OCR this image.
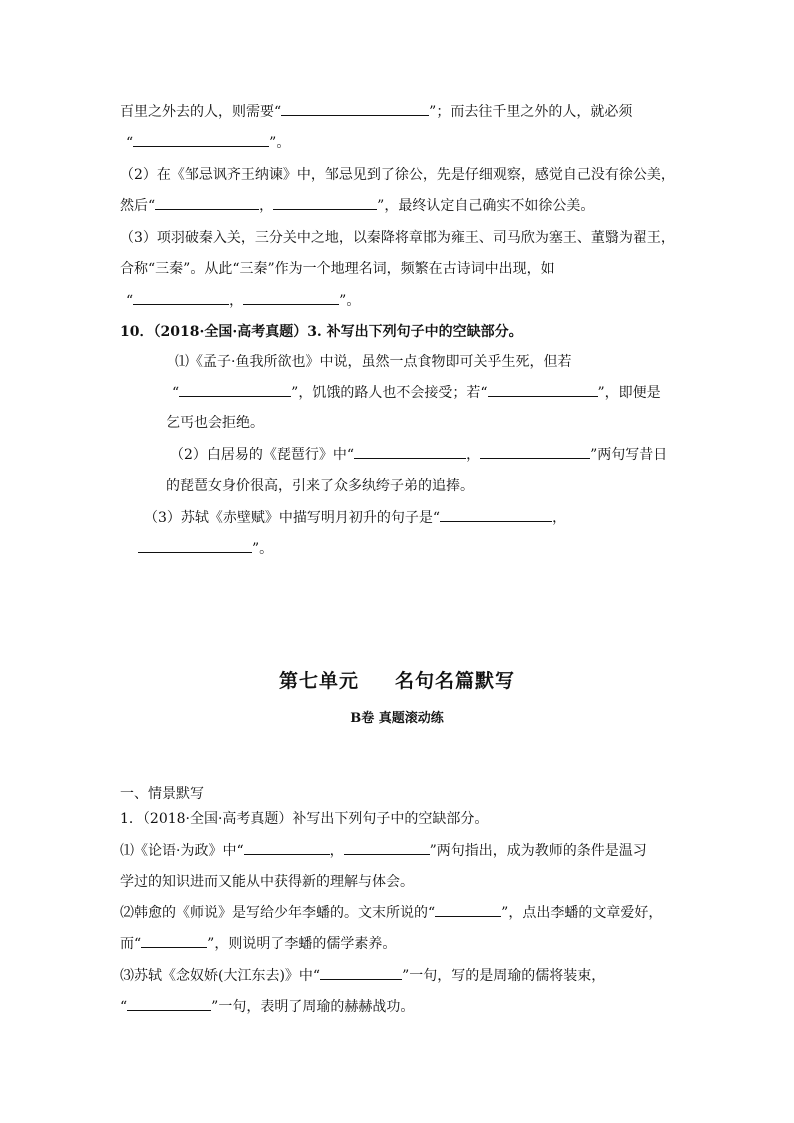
百里之外去的人，则需要“	”；而去往千里之外的人，就必须
“	”。
（2）在《邹忌讽齐王纳谏》中，邹忌见到了徐公，先是仔细观察，感觉自己没有徐公美，
然后“	，	”，最终认定自己确实不如徐公美。
（3）项羽破秦入关，三分关中之地，以秦降将章邯为雍王、司马欣为塞王、董翳为翟王，
合称“三秦”。从此“三秦”作为一个地理名词，频繁在古诗词中出现，如
“	，	”。
10．（2018·全国·高考真题）3. 补写出下列句子中的空缺部分。
⑴《孟子·鱼我所欲也》中说，虽然一点食物即可关乎生死，但若
“	”，饥饿的路人也不会接受；若“	”，即便是
乞丐也会拒绝。
（2）白居易的《琵琶行》中“	，	”两句写昔日
的琵琶女身价很高，引来了众多纨绔子弟的追捧。
（3）苏轼《赤壁赋》中描写明月初升的句子是“	，
”。
第七单元 名句名篇默写
B卷 真题滚动练
一、情景默写
1．（2018·全国·高考真题）补写出下列句子中的空缺部分。
⑴《论语·为政》中“	，	”两句指出，成为教师的条件是温习
学过的知识进而又能从中获得新的理解与体会。
⑵韩愈的《师说》是写给少年李蟠的。文末所说的“	”，点出李蟠的文章爱好，
而“	”，则说明了李蟠的儒学素养。
⑶苏轼《念奴娇(大江东去)》中“	”一句，写的是周瑜的儒将装束，
“	”一句，表明了周瑜的赫赫战功。
